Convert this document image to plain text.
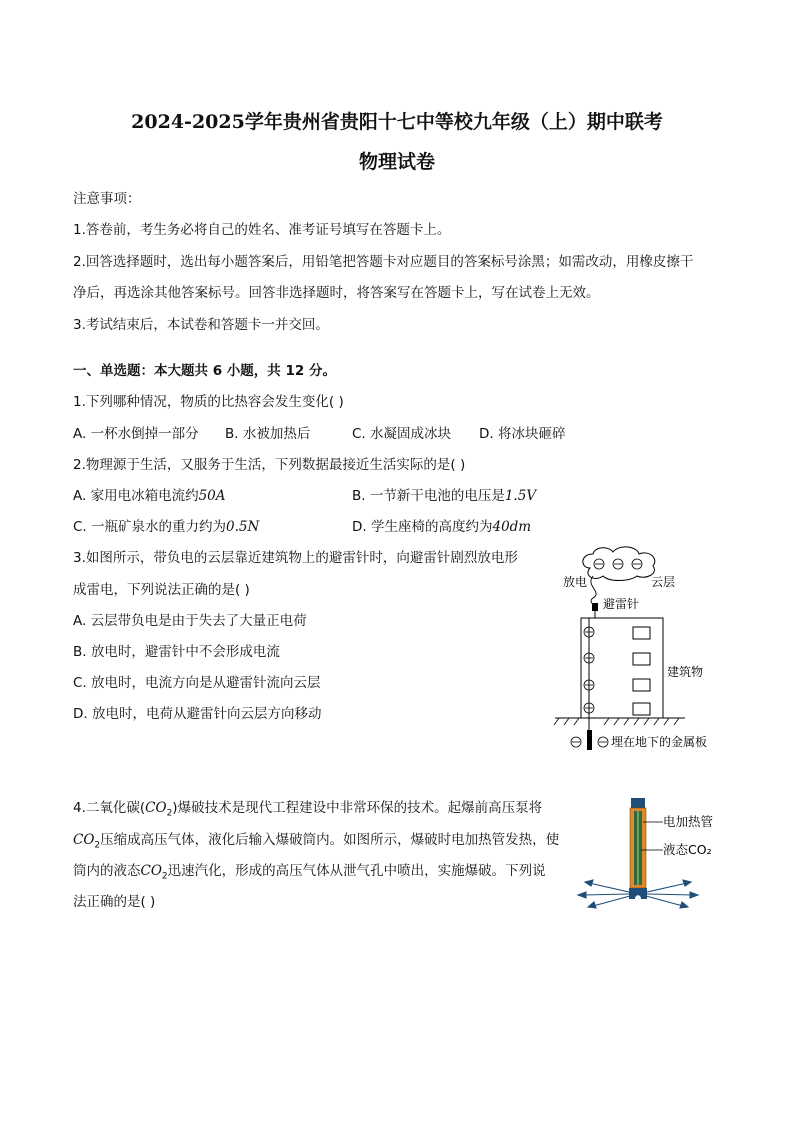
2024-2025学年贵州省贵阳十七中等校九年级（上）期中联考
物理试卷
注意事项：
1.答卷前，考生务必将自己的姓名、准考证号填写在答题卡上。
2.回答选择题时，选出每小题答案后，用铅笔把答题卡对应题目的答案标号涂黑；如需改动，用橡皮擦干
净后，再选涂其他答案标号。回答非选择题时，将答案写在答题卡上，写在试卷上无效。
3.考试结束后，本试卷和答题卡一并交回。
一、单选题：本大题共 6 小题，共 12 分。
1.下列哪种情况，物质的比热容会发生变化( )
A. 一杯水倒掉一部分 B. 水被加热后	C. 水凝固成冰块 D. 将冰块砸碎
2.物理源于生活，又服务于生活，下列数据最接近生活实际的是( )
A. 家用电冰箱电流约50A	B. 一节新干电池的电压是1.5V
C. 一瓶矿泉水的重力约为0.5N	D. 学生座椅的高度约为40dm
3.如图所示，带负电的云层靠近建筑物上的避雷针时，向避雷针剧烈放电形
成雷电，下列说法正确的是( )
A. 云层带负电是由于失去了大量正电荷
B. 放电时，避雷针中不会形成电流
C. 放电时，电流方向是从避雷针流向云层
D. 放电时，电荷从避雷针向云层方向移动
放电	云层
避雷针
建筑物
埋在地下的金属板
4.二氧化碳$(CO_2)$爆破技术是现代工程建设中非常环保的技术。起爆前高压泵将
$CO_2$压缩成高压气体，液化后输入爆破筒内。如图所示，爆破时电加热管发热，使
筒内的液态$CO_2$迅速汽化，形成的高压气体从泄气孔中喷出，实施爆破。下列说
法正确的是( )
电加热管
液态CO₂
